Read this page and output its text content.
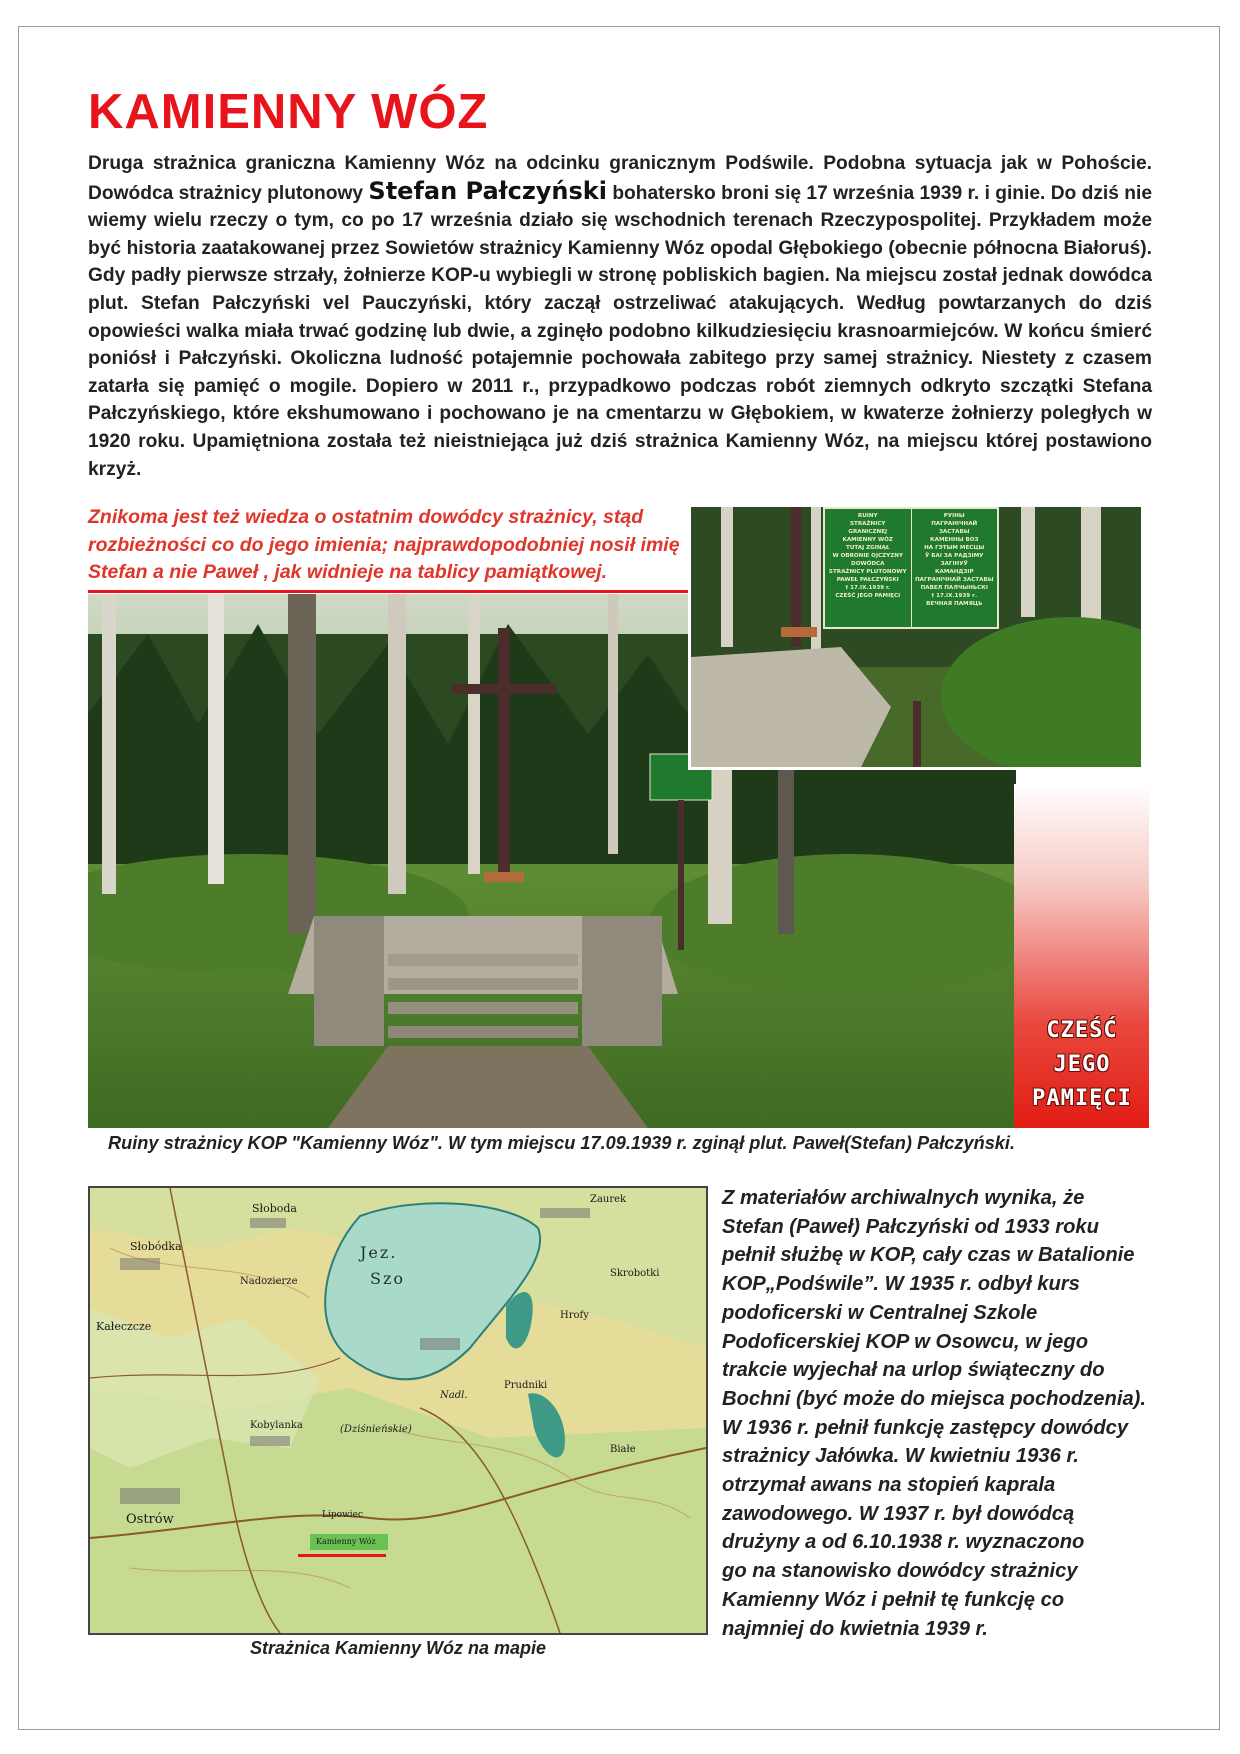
KAMIENNY WÓZ
Druga strażnica graniczna Kamienny Wóz na odcinku granicznym Podświle. Podobna sytuacja jak w Pohoście. Dowódca strażnicy plutonowy Stefan Pałczyński bohatersko broni się 17 września 1939 r. i ginie. Do dziś nie wiemy wielu rzeczy o tym, co po 17 września działo się wschodnich terenach Rzeczypospolitej. Przykładem może być historia zaatakowanej przez Sowietów strażnicy Kamienny Wóz opodal Głębokiego (obecnie północna Białoruś). Gdy padły pierwsze strzały, żołnierze KOP-u wybiegli w stronę pobliskich bagien. Na miejscu został jednak dowódca plut. Stefan Pałczyński vel Pauczyński, który zaczął ostrzeliwać atakujących. Według powtarzanych do dziś opowieści walka miała trwać godzinę lub dwie, a zginęło podobno kilkudziesięciu krasnoarmiejców. W końcu śmierć poniósł i Pałczyński. Okoliczna ludność potajemnie pochowała zabitego przy samej strażnicy. Niestety z czasem zatarła się pamięć o mogile. Dopiero w 2011 r., przypadkowo podczas robót ziemnych odkryto szczątki Stefana Pałczyńskiego, które ekshumowano i pochowano je na cmentarzu w Głębokiem, w kwaterze żołnierzy poległych w 1920 roku. Upamiętniona została też nieistniejąca już dziś strażnica Kamienny Wóz, na miejscu której postawiono krzyż.
Znikoma jest też wiedza o ostatnim dowódcy strażnicy, stąd rozbieżności co do jego imienia; najprawdopodobniej nosił imię Stefan a nie Paweł , jak widnieje na tablicy pamiątkowej.
RUINY
STRAŻNICY
GRANICZNEJ
KAMIENNY WÓZ
TUTAJ ZGINĄŁ
W OBRONIE OJCZYZNY
DOWÓDCA
STRAŻNICY PLUTONOWY
PAWEŁ PAŁCZYŃSKI
† 17.IX.1939 r.
CZEŚĆ JEGO PAMIĘCI
РУІНЫ
ПАГРАНІЧНАЙ
ЗАСТАВЫ
КАМЕННЫ ВОЗ
НА ГЭТЫМ МЕСЦЫ
Ў БАІ ЗА РАДЗІМУ ЗАГІНУЎ
КАМАНДЗІР
ПАГРАНІЧНАЙ ЗАСТАВЫ
ПАВЕЛ ПАЛЧЫНЬСКІ
† 17.IX.1939 г.
ВЕЧНАЯ ПАМЯЦЬ
CZEŚĆ
JEGO
PAMIĘCI
Ruiny strażnicy KOP "Kamienny Wóz". W tym miejscu 17.09.1939 r. zginął plut. Paweł(Stefan) Pałczyński.
Jez.
Szo
Kamienny Wóz
Ostrów
Kobylanka
Nadl.
(Dziśnieńskie)
Słoboda
Słobódka
Kałeczcze
Nadozierze
Hrofy
Prudniki
Białe
Skrobotki
Zaurek
Lipowiec
Strażnica Kamienny Wóz na mapie
Z materiałów archiwalnych wynika, że
Stefan (Paweł) Pałczyński od 1933 roku
pełnił służbę w KOP, cały czas w Batalionie
KOP„Podświle”. W 1935 r. odbył kurs
podoficerski w Centralnej Szkole
Podoficerskiej KOP w Osowcu, w jego
trakcie wyjechał na urlop świąteczny do
Bochni (być może do miejsca pochodzenia).
W 1936 r. pełnił funkcję zastępcy dowódcy
strażnicy Jałówka. W kwietniu 1936 r.
otrzymał awans na stopień kaprala
zawodowego. W 1937 r. był dowódcą
drużyny a od 6.10.1938 r. wyznaczono
go na stanowisko dowódcy strażnicy
Kamienny Wóz i pełnił tę funkcję co
najmniej do kwietnia 1939 r.
